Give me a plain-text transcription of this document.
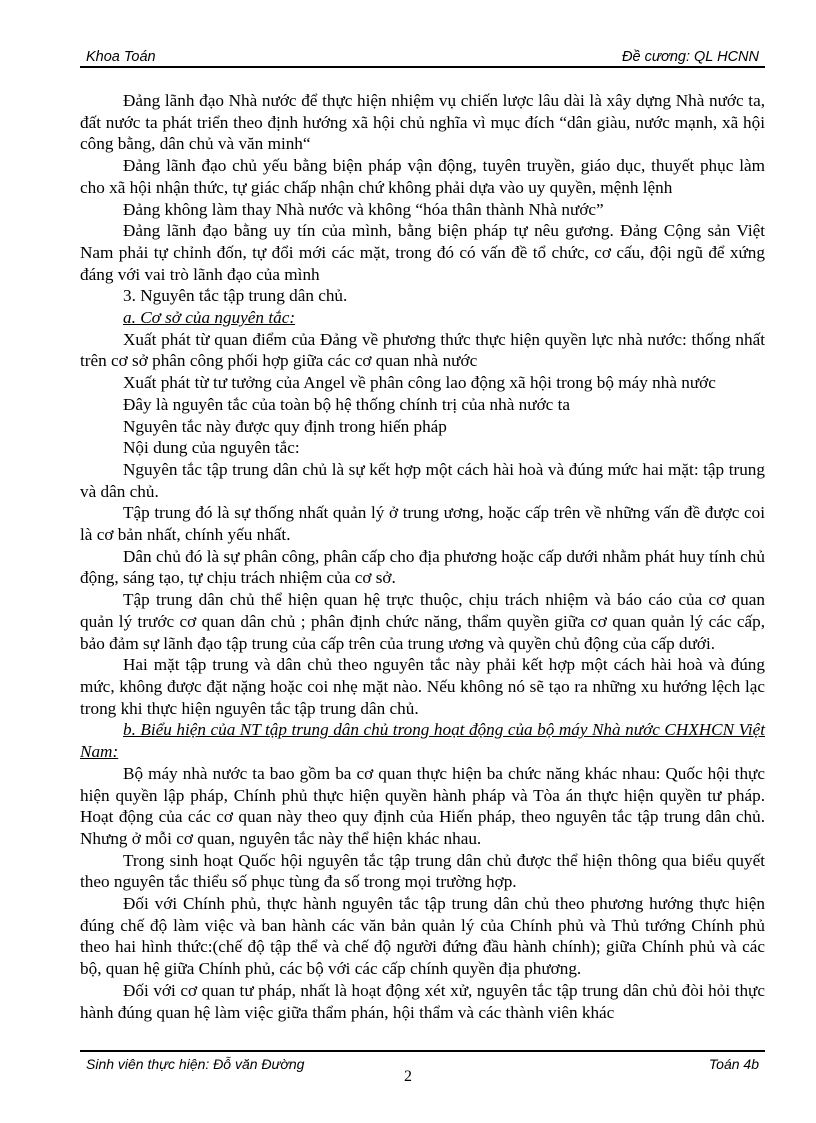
Khoa Toán	Đề cương: QL HCNN

Đảng lãnh đạo Nhà nước để thực hiện nhiệm vụ chiến lược lâu dài là xây dựng Nhà nước ta, đất nước ta phát triển theo định hướng xã hội chủ nghĩa vì mục đích “dân giàu, nước mạnh, xã hội công bằng, dân chủ và văn minh“

Đảng lãnh đạo chủ yếu bằng biện pháp vận động, tuyên truyền, giáo dục, thuyết phục làm cho xã hội nhận thức, tự giác chấp nhận chứ không phải dựa vào uy quyền, mệnh lệnh

Đảng không làm thay Nhà nước và không “hóa thân thành Nhà nước”

Đảng lãnh đạo bằng uy tín của mình, bằng biện pháp tự nêu gương. Đảng Cộng sản Việt Nam phải tự chỉnh đốn, tự đổi mới các mặt, trong đó có vấn đề tổ chức, cơ cấu, đội ngũ để xứng đáng với vai trò lãnh đạo của mình

3. Nguyên tắc tập trung dân chủ.

a. Cơ sở của nguyên tắc:

Xuất phát từ quan điểm của Đảng về phương thức thực hiện quyền lực nhà nước: thống nhất trên cơ sở phân công phối hợp giữa các cơ quan nhà nước

Xuất phát từ tư tưởng của Angel về phân công lao động xã hội trong bộ máy nhà nước

Đây là nguyên tắc của toàn bộ hệ thống chính trị của nhà nước ta

Nguyên tắc này được quy định trong hiến pháp

Nội dung của nguyên tắc:

Nguyên tắc tập trung dân chủ là sự kết hợp một cách hài hoà và đúng mức hai mặt: tập trung và dân chủ.

Tập trung đó là sự thống nhất quản lý ở trung ương, hoặc cấp trên về những vấn đề được coi là cơ bản nhất, chính yếu nhất.

Dân chủ đó là sự phân công, phân cấp cho địa phương hoặc cấp dưới nhằm phát huy tính chủ động, sáng tạo, tự chịu trách nhiệm của cơ sở.

Tập trung dân chủ thể hiện quan hệ trực thuộc, chịu trách nhiệm và báo cáo của cơ quan quản lý trước cơ quan dân chủ ; phân định chức năng, thẩm quyền giữa cơ quan quản lý các cấp, bảo đảm sự lãnh đạo tập trung của cấp trên của trung ương và quyền chủ động của cấp dưới.

Hai mặt tập trung và dân chủ theo nguyên tắc này phải kết hợp một cách hài hoà và đúng mức, không được đặt nặng hoặc coi nhẹ mặt nào. Nếu không nó sẽ tạo ra những xu hướng lệch lạc trong khi thực hiện nguyên tắc tập trung dân chủ.

b. Biểu hiện của NT tập trung dân chủ trong hoạt động của bộ máy Nhà nước CHXHCN Việt Nam:

Bộ máy nhà nước ta bao gồm ba cơ quan thực hiện ba chức năng khác nhau: Quốc hội thực hiện quyền lập pháp, Chính phủ thực hiện quyền hành pháp và Tòa án thực hiện quyền tư pháp. Hoạt động của các cơ quan này theo quy định của Hiến pháp, theo nguyên tắc tập trung dân chủ. Nhưng ở mỗi cơ quan, nguyên tắc này thể hiện khác nhau.

Trong sinh hoạt Quốc hội nguyên tắc tập trung dân chủ được thể hiện thông qua biểu quyết theo nguyên tắc thiểu số phục tùng đa số trong mọi trường hợp.

Đối với Chính phủ, thực hành nguyên tắc tập trung dân chủ theo phương hướng thực hiện đúng chế độ làm việc và ban hành các văn bản quản lý của Chính phủ và Thủ tướng Chính phủ theo hai hình thức:(chế độ tập thể và chế độ người đứng đầu hành chính); giữa Chính phủ và các bộ, quan hệ giữa Chính phủ, các bộ với các cấp chính quyền địa phương.

Đối với cơ quan tư pháp, nhất là hoạt động xét xử, nguyên tắc tập trung dân chủ đòi hỏi thực hành đúng quan hệ làm việc giữa thẩm phán, hội thẩm và các thành viên khác

Sinh viên thực hiện: Đỗ văn Đường	Toán 4b
2
